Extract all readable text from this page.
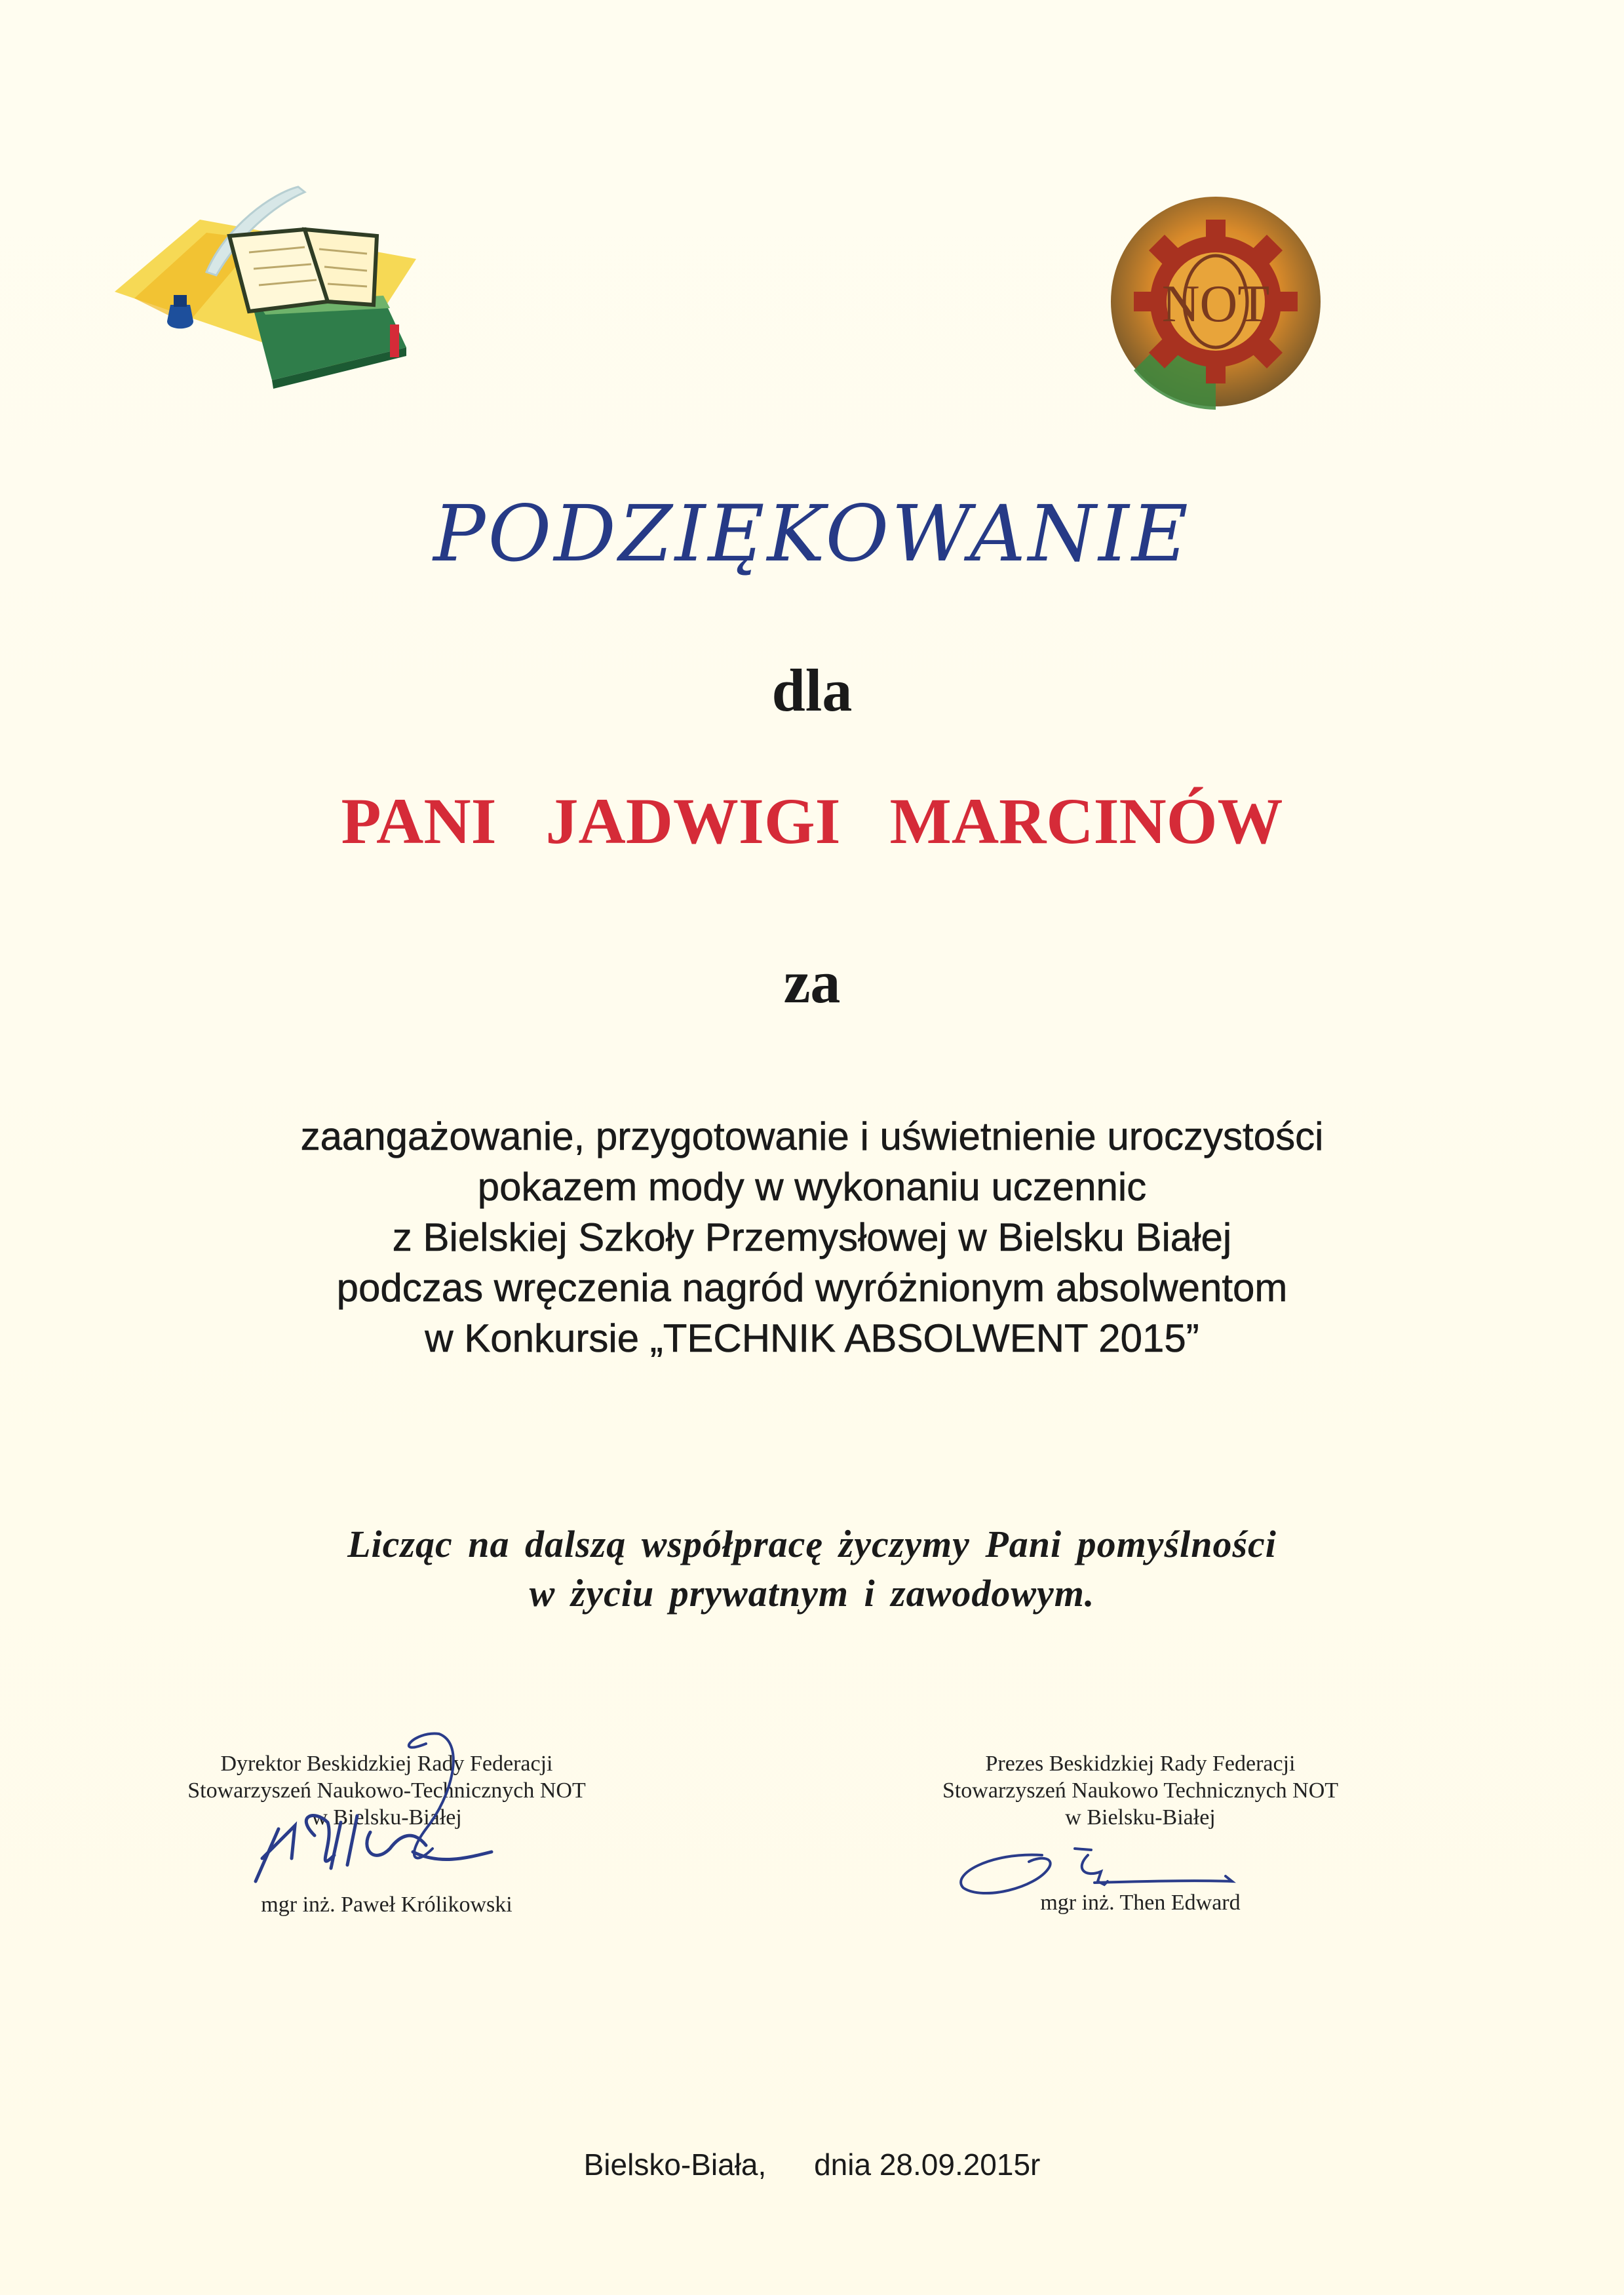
NOT
PODZIĘKOWANIE
dla
PANI JADWIGI MARCINÓW
za
zaangażowanie, przygotowanie i uświetnienie uroczystości
pokazem mody w wykonaniu uczennic
z Bielskiej Szkoły Przemysłowej w Bielsku Białej
podczas wręczenia nagród wyróżnionym absolwentom
w Konkursie „TECHNIK ABSOLWENT 2015”
Licząc na dalszą współpracę życzymy Pani pomyślności
w życiu prywatnym i zawodowym.
Dyrektor Beskidzkiej Rady Federacji
Stowarzyszeń Naukowo-Technicznych NOT
w Bielsku-Białej
mgr inż. Paweł Królikowski
Prezes Beskidzkiej Rady Federacji
Stowarzyszeń Naukowo Technicznych NOT
w Bielsku-Białej
mgr inż. Then Edward
Bielsko-Biała, dnia 28.09.2015r
